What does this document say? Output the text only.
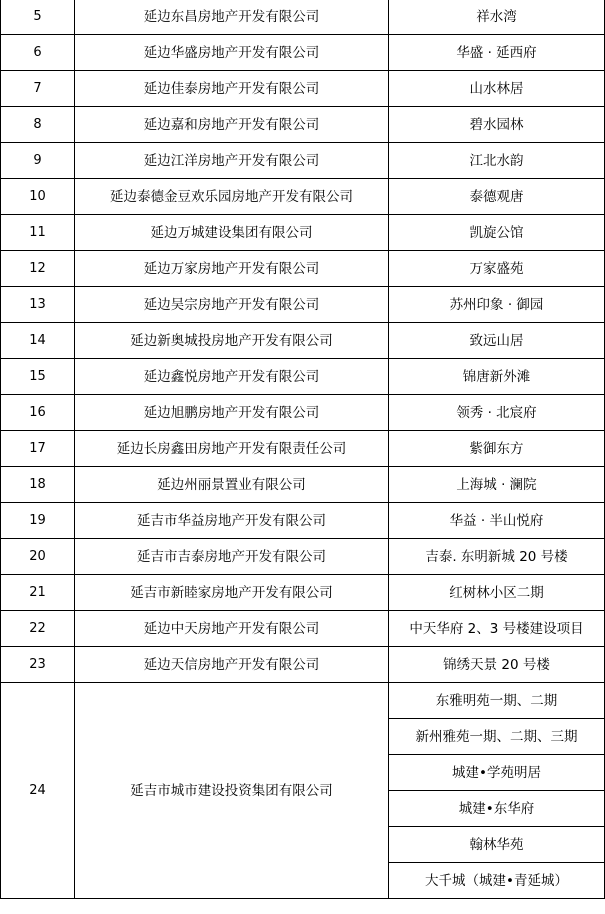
5	延边东昌房地产开发有限公司	祥水湾
6	延边华盛房地产开发有限公司	华盛 · 延西府
7	延边佳泰房地产开发有限公司	山水林居
8	延边嘉和房地产开发有限公司	碧水园林
9	延边江洋房地产开发有限公司	江北水韵
10	延边泰德金豆欢乐园房地产开发有限公司	泰德观唐
11	延边万城建设集团有限公司	凯旋公馆
12	延边万家房地产开发有限公司	万家盛苑
13	延边吴宗房地产开发有限公司	苏州印象 · 御园
14	延边新奥城投房地产开发有限公司	致远山居
15	延边鑫悦房地产开发有限公司	锦唐新外滩
16	延边旭鹏房地产开发有限公司	领秀 · 北宸府
17	延边长房鑫田房地产开发有限责任公司	紫御东方
18	延边州丽景置业有限公司	上海城 · 澜院
19	延吉市华益房地产开发有限公司	华益 · 半山悦府
20	延吉市吉泰房地产开发有限公司	吉泰. 东明新城 20 号楼
21	延吉市新睦家房地产开发有限公司	红树林小区二期
22	延边中天房地产开发有限公司	中天华府 2、3 号楼建设项目
23	延边天信房地产开发有限公司	锦绣天景 20 号楼
24	延吉市城市建设投资集团有限公司	东雅明苑一期、二期
		新州雅苑一期、二期、三期
		城建•学苑明居
		城建•东华府
		翰林华苑
		大千城（城建•青延城）
